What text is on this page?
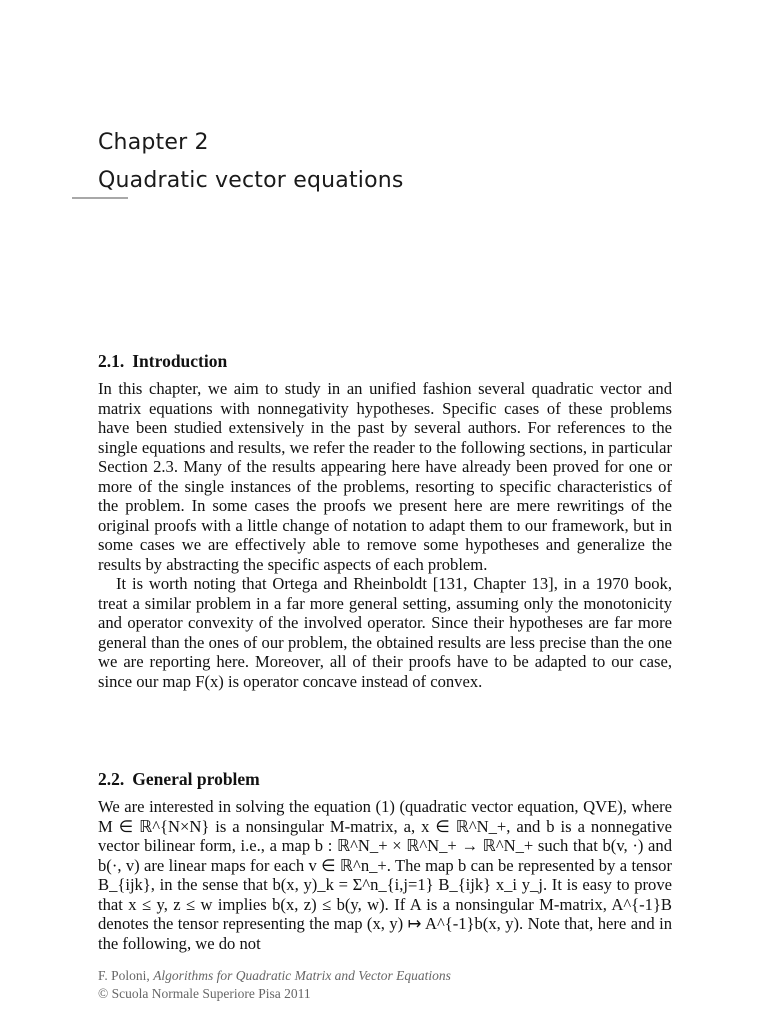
Chapter 2
Quadratic vector equations
2.1. Introduction

In this chapter, we aim to study in an unified fashion several quadratic vector and matrix equations with nonnegativity hypotheses. Specific cases of these problems have been studied extensively in the past by several authors. For references to the single equations and results, we refer the reader to the following sections, in particular Section 2.3. Many of the results appearing here have already been proved for one or more of the single instances of the problems, resorting to specific characteristics of the problem. In some cases the proofs we present here are mere rewritings of the original proofs with a little change of notation to adapt them to our framework, but in some cases we are effectively able to remove some hypotheses and generalize the results by abstracting the specific aspects of each problem.

It is worth noting that Ortega and Rheinboldt [131, Chapter 13], in a 1970 book, treat a similar problem in a far more general setting, assuming only the monotonicity and operator convexity of the involved operator. Since their hypotheses are far more general than the ones of our problem, the obtained results are less precise than the one we are reporting here. Moreover, all of their proofs have to be adapted to our case, since our map F(x) is operator concave instead of convex.

2.2. General problem

We are interested in solving the equation (1) (quadratic vector equation, QVE), where M ∈ ℝ^{N×N} is a nonsingular M-matrix, a, x ∈ ℝ^N_+, and b is a nonnegative vector bilinear form, i.e., a map b : ℝ^N_+ × ℝ^N_+ → ℝ^N_+ such that b(v, ·) and b(·, v) are linear maps for each v ∈ ℝ^n_+. The map b can be represented by a tensor B_{ijk}, in the sense that b(x, y)_k = Σ^n_{i,j=1} B_{ijk} x_i y_j. It is easy to prove that x ≤ y, z ≤ w implies b(x, z) ≤ b(y, w). If A is a nonsingular M-matrix, A^{-1}B denotes the tensor representing the map (x, y) ↦ A^{-1}b(x, y). Note that, here and in the following, we do not

F. Poloni, Algorithms for Quadratic Matrix and Vector Equations
© Scuola Normale Superiore Pisa 2011
